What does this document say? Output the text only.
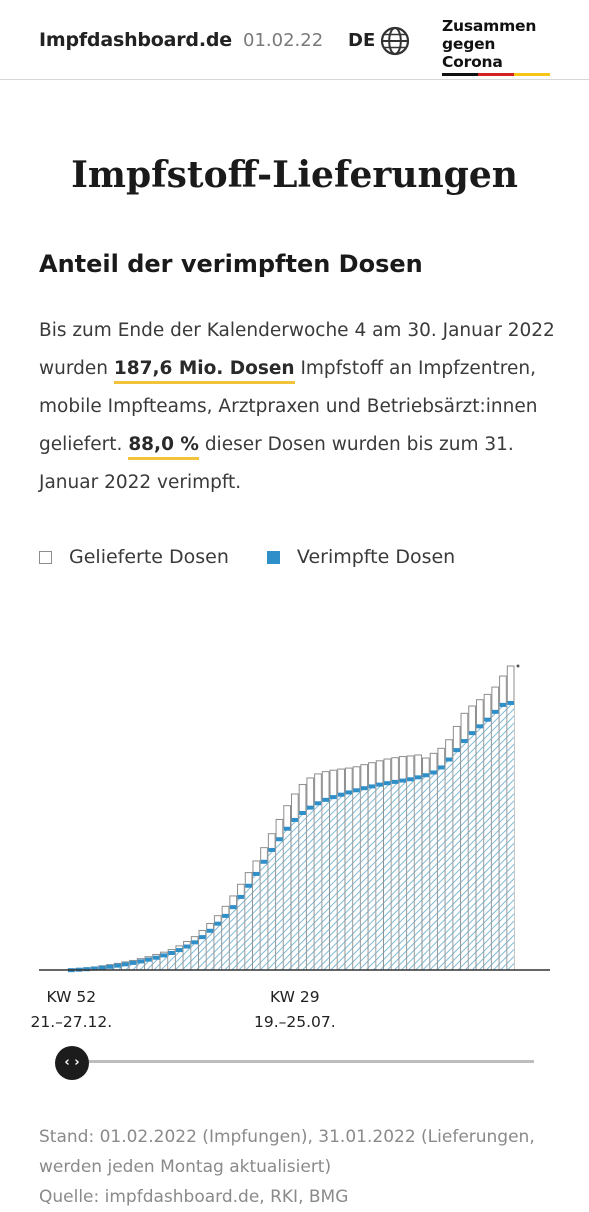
Impfdashboard.de 01.02.22 DE
Zusammen
gegen Corona
Impfstoff-Lieferungen
Anteil der verimpften Dosen
Bis zum Ende der Kalenderwoche 4 am 30. Januar 2022 wurden 187,6 Mio. Dosen Impfstoff an Impfzentren, mobile Impfteams, Arztpraxen und Betriebsärzt:innen geliefert. 88,0 % dieser Dosen wurden bis zum 31. Januar 2022 verimpft.
Gelieferte Dosen	Verimpfte Dosen
KW 52
21.–27.12.
KW 29
19.–25.07.
‹ ›
Stand: 01.02.2022 (Impfungen), 31.01.2022 (Lieferungen, werden jeden Montag aktualisiert)
Quelle: impfdashboard.de, RKI, BMG
